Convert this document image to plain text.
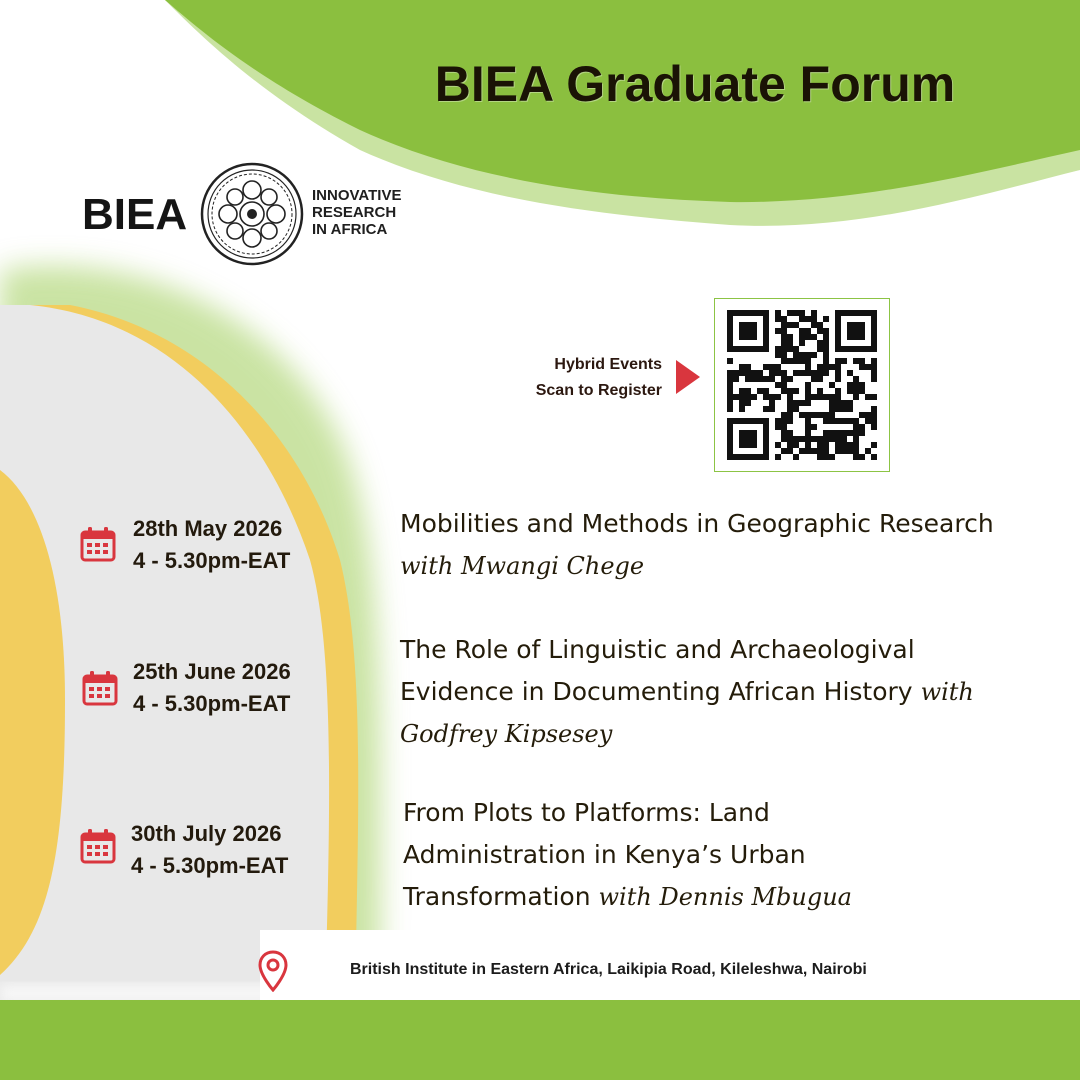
BIEA Graduate Forum
BIEA	INNOVATIVE
RESEARCH
IN AFRICA
Hybrid Events
Scan to Register
28th May 2026
4 - 5.30pm-EAT
Mobilities and Methods in Geographic Research with Mwangi Chege
25th June 2026
4 - 5.30pm-EAT
The Role of Linguistic and Archaeologival Evidence in Documenting African History with Godfrey Kipsesey
30th July 2026
4 - 5.30pm-EAT
From Plots to Platforms: Land Administration in Kenya’s Urban Transformation with Dennis Mbugua
British Institute in Eastern Africa, Laikipia Road, Kileleshwa, Nairobi
